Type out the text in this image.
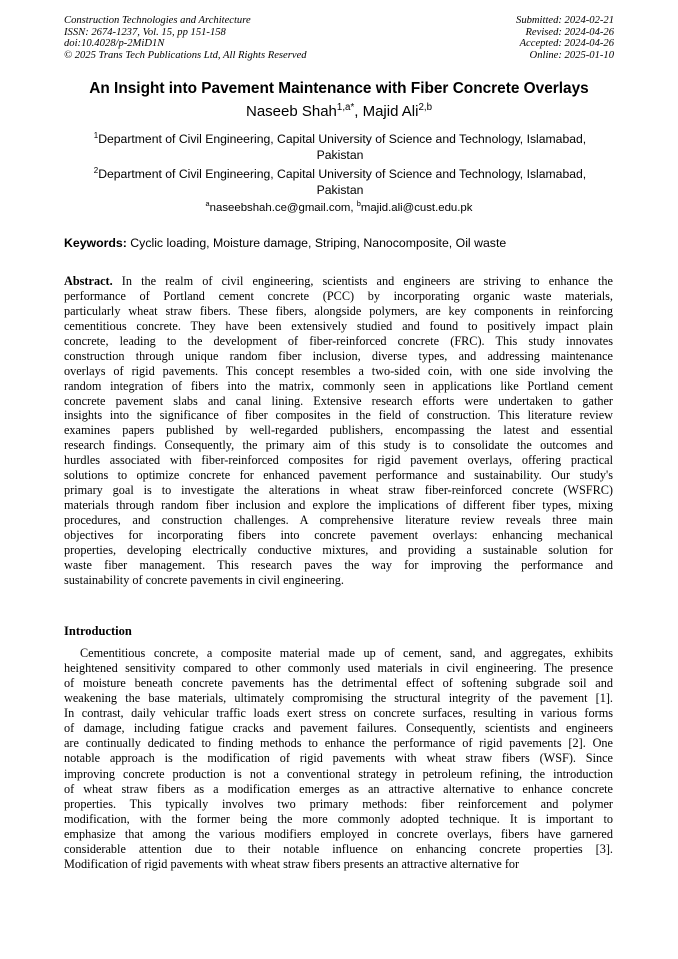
Construction Technologies and Architecture
ISSN: 2674-1237, Vol. 15, pp 151-158
doi:10.4028/p-2MiD1N
© 2025 Trans Tech Publications Ltd, All Rights Reserved
Submitted: 2024-02-21
Revised: 2024-04-26
Accepted: 2024-04-26
Online: 2025-01-10
An Insight into Pavement Maintenance with Fiber Concrete Overlays
Naseeb Shah$^{1,a*}$, Majid Ali$^{2,b}$
$^1$Department of Civil Engineering, Capital University of Science and Technology, Islamabad, Pakistan
$^2$Department of Civil Engineering, Capital University of Science and Technology, Islamabad, Pakistan
$^a$naseebshah.ce@gmail.com, $^b$majid.ali@cust.edu.pk
Keywords: Cyclic loading, Moisture damage, Striping, Nanocomposite, Oil waste
Abstract. In the realm of civil engineering, scientists and engineers are striving to enhance the
performance of Portland cement concrete (PCC) by incorporating organic waste materials,
particularly wheat straw fibers. These fibers, alongside polymers, are key components in reinforcing
cementitious concrete. They have been extensively studied and found to positively impact plain
concrete, leading to the development of fiber-reinforced concrete (FRC). This study innovates
construction through unique random fiber inclusion, diverse types, and addressing maintenance
overlays of rigid pavements. This concept resembles a two-sided coin, with one side involving the
random integration of fibers into the matrix, commonly seen in applications like Portland cement
concrete pavement slabs and canal lining. Extensive research efforts were undertaken to gather
insights into the significance of fiber composites in the field of construction. This literature review
examines papers published by well-regarded publishers, encompassing the latest and essential
research findings. Consequently, the primary aim of this study is to consolidate the outcomes and
hurdles associated with fiber-reinforced composites for rigid pavement overlays, offering practical
solutions to optimize concrete for enhanced pavement performance and sustainability. Our study's
primary goal is to investigate the alterations in wheat straw fiber-reinforced concrete (WSFRC)
materials through random fiber inclusion and explore the implications of different fiber types, mixing
procedures, and construction challenges. A comprehensive literature review reveals three main
objectives for incorporating fibers into concrete pavement overlays: enhancing mechanical
properties, developing electrically conductive mixtures, and providing a sustainable solution for
waste fiber management. This research paves the way for improving the performance and
sustainability of concrete pavements in civil engineering.
Introduction
Cementitious concrete, a composite material made up of cement, sand, and aggregates, exhibits
heightened sensitivity compared to other commonly used materials in civil engineering. The presence
of moisture beneath concrete pavements has the detrimental effect of softening subgrade soil and
weakening the base materials, ultimately compromising the structural integrity of the pavement [1].
In contrast, daily vehicular traffic loads exert stress on concrete surfaces, resulting in various forms
of damage, including fatigue cracks and pavement failures. Consequently, scientists and engineers
are continually dedicated to finding methods to enhance the performance of rigid pavements [2]. One
notable approach is the modification of rigid pavements with wheat straw fibers (WSF). Since
improving concrete production is not a conventional strategy in petroleum refining, the introduction
of wheat straw fibers as a modification emerges as an attractive alternative to enhance concrete
properties. This typically involves two primary methods: fiber reinforcement and polymer
modification, with the former being the more commonly adopted technique. It is important to
emphasize that among the various modifiers employed in concrete overlays, fibers have garnered
considerable attention due to their notable influence on enhancing concrete properties [3].
Modification of rigid pavements with wheat straw fibers presents an attractive alternative for
